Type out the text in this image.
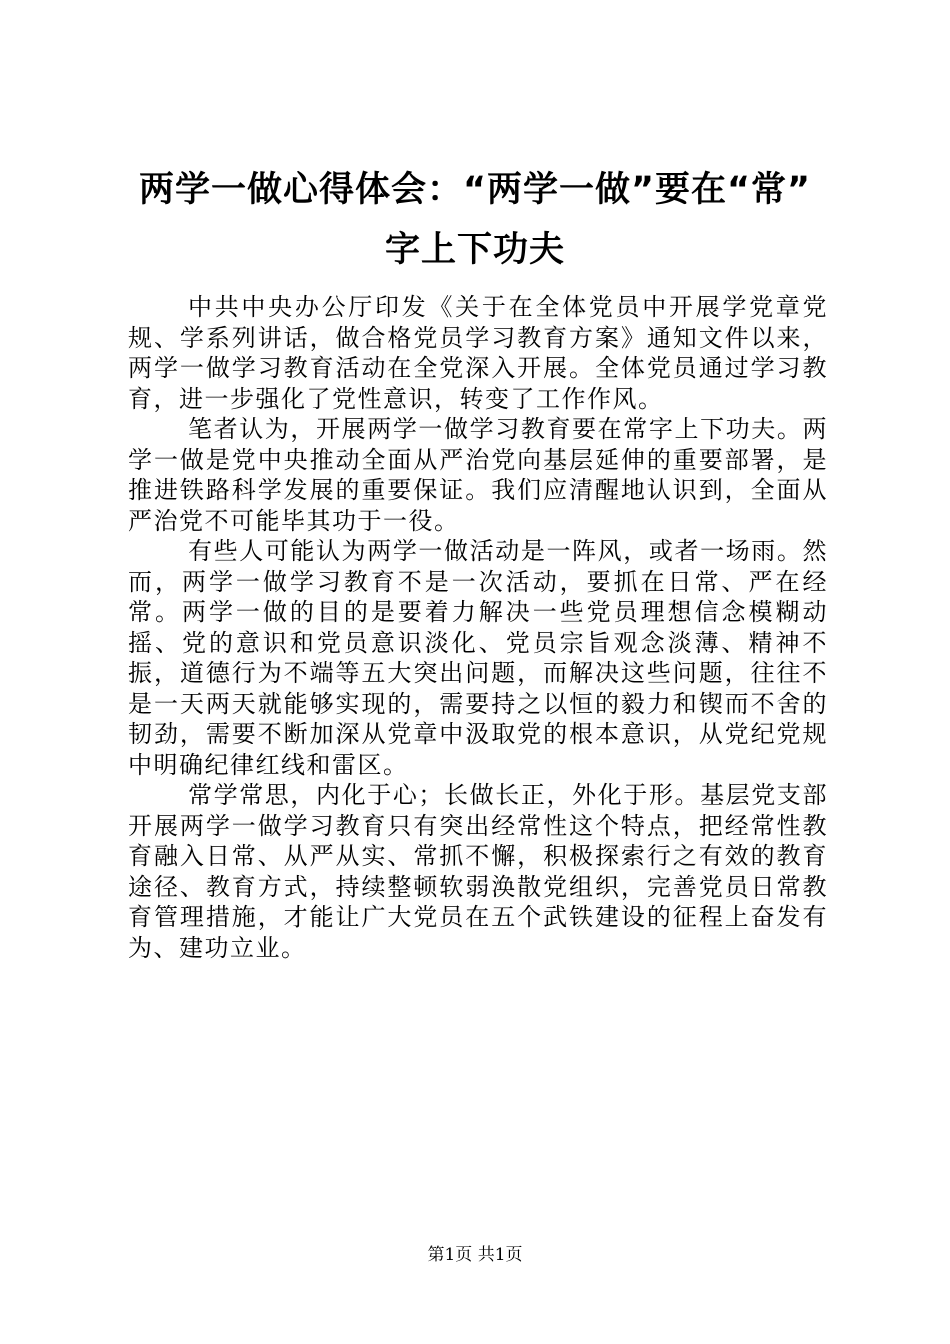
两学一做心得体会：“两学一做”要在“常”
字上下功夫

中共中央办公厅印发《关于在全体党员中开展学党章党规、学系列讲话，做合格党员学习教育方案》通知文件以来，两学一做学习教育活动在全党深入开展。全体党员通过学习教育，进一步强化了党性意识，转变了工作作风。

笔者认为，开展两学一做学习教育要在常字上下功夫。两学一做是党中央推动全面从严治党向基层延伸的重要部署，是推进铁路科学发展的重要保证。我们应清醒地认识到，全面从严治党不可能毕其功于一役。

有些人可能认为两学一做活动是一阵风，或者一场雨。然而，两学一做学习教育不是一次活动，要抓在日常、严在经常。两学一做的目的是要着力解决一些党员理想信念模糊动摇、党的意识和党员意识淡化、党员宗旨观念淡薄、精神不振，道德行为不端等五大突出问题，而解决这些问题，往往不是一天两天就能够实现的，需要持之以恒的毅力和锲而不舍的韧劲，需要不断加深从党章中汲取党的根本意识，从党纪党规中明确纪律红线和雷区。

常学常思，内化于心；长做长正，外化于形。基层党支部开展两学一做学习教育只有突出经常性这个特点，把经常性教育融入日常、从严从实、常抓不懈，积极探索行之有效的教育途径、教育方式，持续整顿软弱涣散党组织，完善党员日常教育管理措施，才能让广大党员在五个武铁建设的征程上奋发有为、建功立业。

第1页 共1页
